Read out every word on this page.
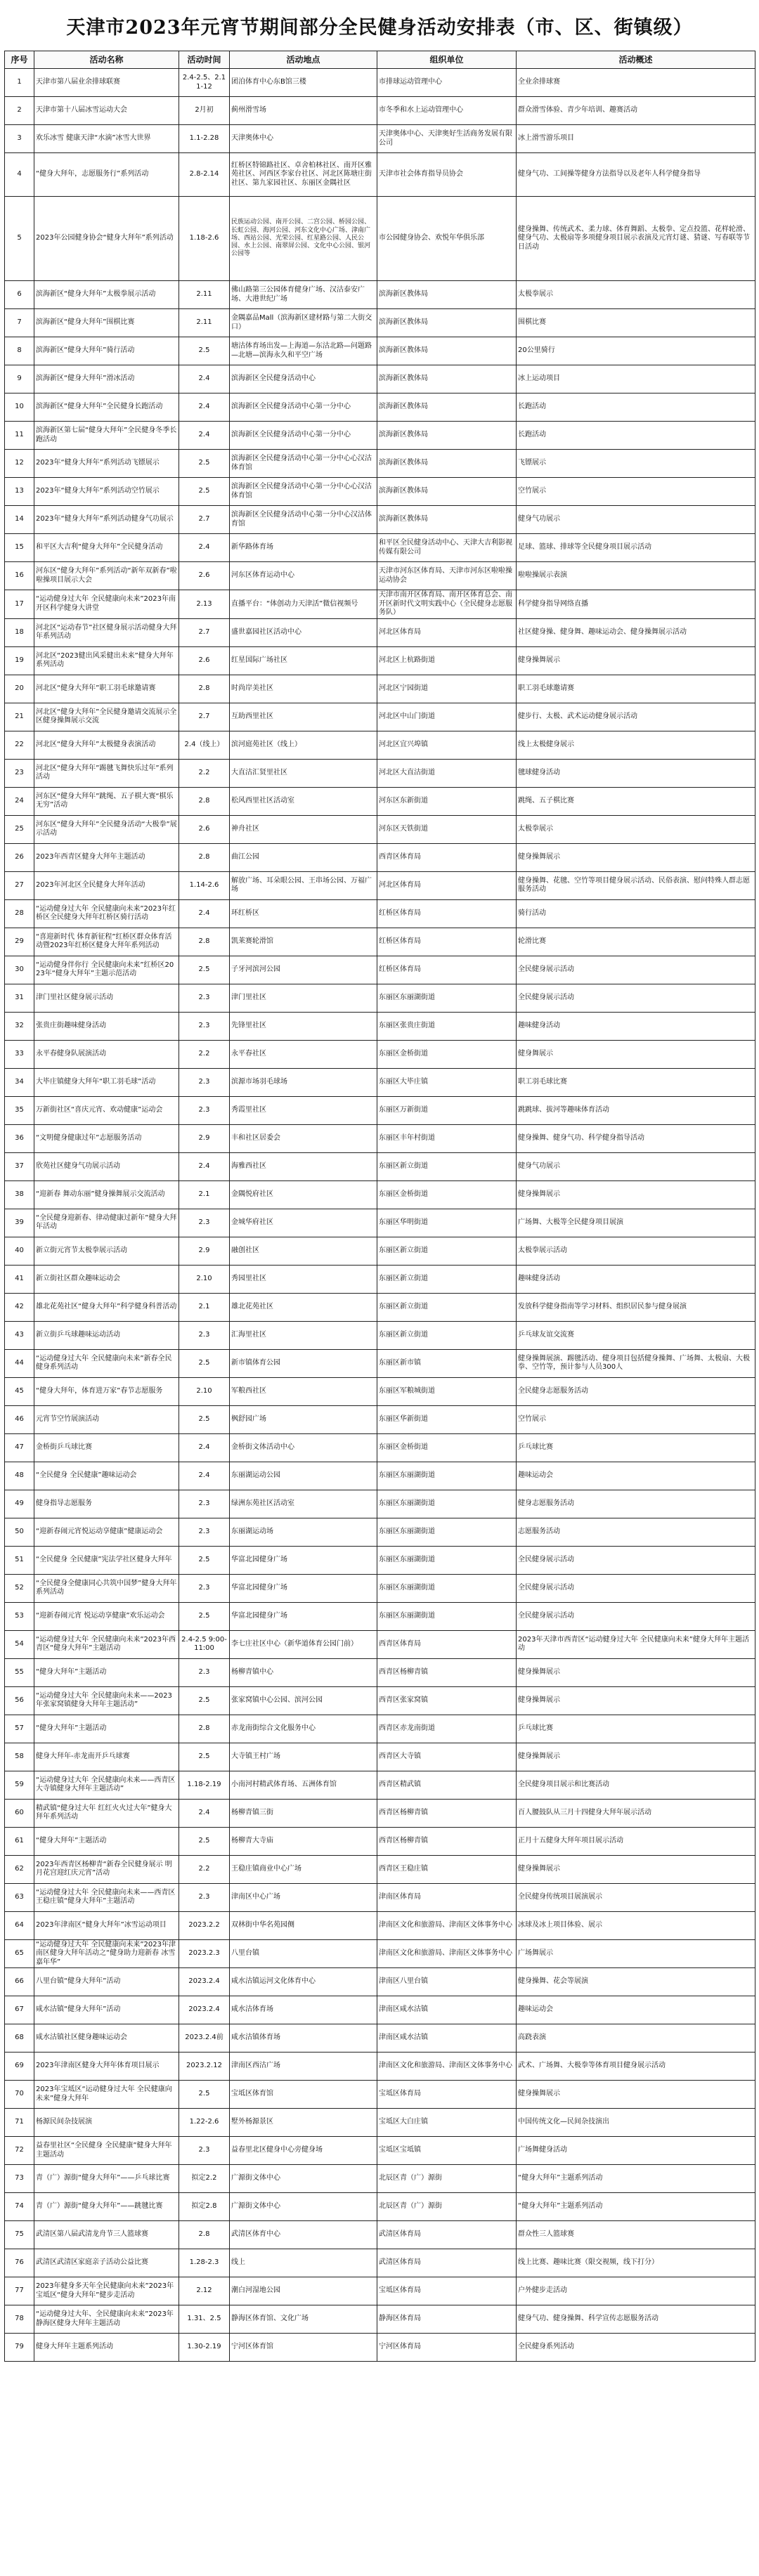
天津市2023年元宵节期间部分全民健身活动安排表（市、区、街镇级）
序号	活动名称	活动时间	活动地点	组织单位	活动概述
1	天津市第八届业余排球联赛	2.4-2.5、2.11-12	团泊体育中心东B馆三楼	市排球运动管理中心	全业余排球赛
2	天津市第十八届冰雪运动大会	2月初	蓟州滑雪场	市冬季和水上运动管理中心	群众滑雪体验、青少年培训、趣赛活动
3	欢乐冰雪 健康天津“水滴”冰雪大世界	1.1-2.28	天津奥体中心	天津奥体中心、天津奥好生活商务发展有限公司	冰上滑雪游乐项目
4	“健身大拜年，志愿服务行”系列活动	2.8-2.14	红桥区特锦路社区、卓舍柏林社区、南开区雅苑社区、河西区李家台社区、河北区陈塘庄街社区、第九家园社区、东丽区金隅社区	天津市社会体育指导员协会	健身气功、工间操等健身方法指导以及老年人科学健身指导
5	2023年公园健身协会“健身大拜年”系列活动	1.18-2.6	民族运动公园、南开公园、二宫公园、桥园公园、长虹公园、海河公园、河东文化中心广场、津南广场、西站公园、光荣公园、红星路公园、人民公园、水上公园、南翠屏公园、文化中心公园、银河公园等	市公园健身协会、欢悦年华俱乐部	健身操舞、传统武术、柔力球、体育舞蹈、太极拳、定点投篮、花样轮滑、健身气功、太极扇等多项健身项目展示表演及元宵灯谜、猜谜、写春联等节日活动
6	滨海新区“健身大拜年”太极拳展示活动	2.11	佛山路第三公园体育健身广场、汉沽泰安广场、大港世纪广场	滨海新区教体局	太极拳展示
7	滨海新区“健身大拜年”围棋比赛	2.11	金隅嘉品Mall（滨海新区建材路与第二大街交口）	滨海新区教体局	围棋比赛
8	滨海新区“健身大拜年”骑行活动	2.5	塘沽体育场出发—上海道—东沽北路—问题路—北塘—滨海永久和平空广场	滨海新区教体局	20公里骑行
9	滨海新区“健身大拜年”滑冰活动	2.4	滨海新区全民健身活动中心	滨海新区教体局	冰上运动项目
10	滨海新区“健身大拜年”全民健身长跑活动	2.4	滨海新区全民健身活动中心第一分中心	滨海新区教体局	长跑活动
11	滨海新区第七届“健身大拜年”全民健身冬季长跑活动	2.4	滨海新区全民健身活动中心第一分中心	滨海新区教体局	长跑活动
12	2023年“健身大拜年”系列活动飞镖展示	2.5	滨海新区全民健身活动中心第一分中心心汉沽体育馆	滨海新区教体局	飞镖展示
13	2023年“健身大拜年”系列活动空竹展示	2.5	滨海新区全民健身活动中心第一分中心心汉沽体育馆	滨海新区教体局	空竹展示
14	2023年“健身大拜年”系列活动健身气功展示	2.7	滨海新区全民健身活动中心第一分中心汉沽体育馆	滨海新区教体局	健身气功展示
15	和平区大吉利“健身大拜年”全民健身活动	2.4	新华路体育场	和平区全民健身活动中心、天津大吉利影视传媒有限公司	足球、篮球、排球等全民健身项目展示活动
16	河东区“健身大拜年”系列活动“新年双新春”啦啦操项目展示大会	2.6	河东区体育运动中心	天津市河东区体育局、天津市河东区啦啦操运动协会	啦啦操展示表演
17	“运动健身过大年 全民健康向未来”2023年南开区科学健身大讲堂	2.13	直播平台：“体创动力天津活”微信视频号	天津市南开区体育局、南开区体育总会、南开区新时代文明实践中心（全民健身志愿服务队）	科学健身指导网络直播
18	河北区“运动春节”社区健身展示活动健身大拜年系列活动	2.7	盛世嘉园社区活动中心	河北区体育局	社区健身操、健身舞、趣味运动会、健身操舞展示活动
19	河北区“2023健出风采健出未来”健身大拜年系列活动	2.6	红星国际广场社区	河北区上杭路街道	健身操舞展示
20	河北区“健身大拜年”职工羽毛球邀请赛	2.8	时尚岸美社区	河北区宁园街道	职工羽毛球邀请赛
21	河北区“健身大拜年”全民健身邀请交流展示全区健身操舞展示交流	2.7	互助西里社区	河北区中山门街道	健步行、太极、武术运动健身展示活动
22	河北区“健身大拜年”太极健身表演活动	2.4（线上）	滨河庭苑社区（线上）	河北区宜兴埠镇	线上太极健身展示
23	河北区“健身大拜年”踢毽飞舞快乐过年”系列活动	2.2	大直沽汇贤里社区	河北区大直沽街道	毽球健身活动
24	河东区“健身大拜年”跳绳、五子棋大赛“棋乐无穷”活动	2.8	松风西里社区活动室	河东区东新街道	跳绳、五子棋比赛
25	河东区“健身大拜年”全民健身活动“大极拳”展示活动	2.6	神舟社区	河东区天铁街道	太极拳展示
26	2023年西青区健身大拜年主题活动	2.8	曲江公园	西青区体育局	健身操舞展示
27	2023年河北区全民健身大拜年活动	1.14-2.6	解放广场、耳朵眼公园、王串场公园、万福广场	河北区体育局	健身操舞、花毽、空竹等项目健身展示活动、民俗表演、慰问特殊人群志愿服务活动
28	“运动健身过大年 全民健康向未来”2023年红桥区全民健身大拜年红桥区骑行活动	2.4	环红桥区	红桥区体育局	骑行活动
29	“喜迎新时代 体育新征程”红桥区群众体育活动暨2023年红桥区健身大拜年系列活动	2.8	凯莱赛轮滑馆	红桥区体育局	轮滑比赛
30	“运动健身伴你行 全民健康向未来”红桥区2023年“健身大拜年”主题示范活动	2.5	子牙河滨河公园	红桥区体育局	全民健身展示活动
31	津门里社区健身展示活动	2.3	津门里社区	东丽区东丽湖街道	全民健身展示活动
32	张贵庄街趣味健身活动	2.3	先锋里社区	东丽区张贵庄街道	趣味健身活动
33	永平春健身队展演活动	2.2	永平春社区	东丽区金桥街道	健身舞展示
34	大毕庄镇健身大拜年“职工羽毛球”活动	2.3	滨源市场羽毛球场	东丽区大毕庄镇	职工羽毛球比赛
35	万新街社区“喜庆元宵、欢动健康”运动会	2.3	秀霞里社区	东丽区万新街道	跳跳球、拔河等趣味体育活动
36	“文明健身健康过年”志愿服务活动	2.9	丰和社区居委会	东丽区丰年村街道	健身操舞、健身气功、科学健身指导活动
37	欣苑社区健身气功展示活动	2.4	海雅西社区	东丽区新立街道	健身气功展示
38	“迎新春 舞动东丽”健身操舞展示交流活动	2.1	金隅悦府社区	东丽区金桥街道	健身操舞展示
39	“全民健身迎新春、律动健康过新年”健身大拜年活动	2.3	金城华府社区	东丽区华明街道	广场舞、大极等全民健身项目展演
40	新立街元宵节太极拳展示活动	2.9	融创社区	东丽区新立街道	太极拳展示活动
41	新立街社区群众趣味运动会	2.10	秀园里社区	东丽区新立街道	趣味健身活动
42	雄北花苑社区“健身大拜年”科学健身科普活动	2.1	雄北花苑社区	东丽区新立街道	发放科学健身指南等学习材料、组织居民参与健身展演
43	新立街乒乓球趣味运动活动	2.3	汇海里社区	东丽区新立街道	乒乓球友谊交流赛
44	“运动健身过大年 全民健康向未来”新春全民健身系列活动	2.5	新市镇体育公园	东丽区新市镇	健身操舞展演、踢毽活动、健身项目包括健身操舞、广场舞、太极扇、大极拳、空竹等，预计参与人员300人
45	“健身大拜年，体育进万家”春节志愿服务	2.10	军粮西社区	东丽区军粮城街道	全民健身志愿服务活动
46	元宵节空竹展演活动	2.5	枫舒园广场	东丽区华新街道	空竹展示
47	金桥街乒乓球比赛	2.4	金桥街文体活动中心	东丽区金桥街道	乒乓球比赛
48	“全民健身 全民健康”趣味运动会	2.4	东丽湖运动公园	东丽区东丽湖街道	趣味运动会
49	健身指导志愿服务	2.3	绿洲东苑社区活动室	东丽区东丽湖街道	健身志愿服务活动
50	“迎新春闹元宵悦运动享健康”健康运动会	2.3	东丽湖运动场	东丽区东丽湖街道	志愿服务活动
51	“全民健身 全民健康”宪法学社区健身大拜年	2.5	华富北园健身广场	东丽区东丽湖街道	全民健身展示活动
52	“全民健身全健康同心共筑中国梦”健身大拜年系列活动	2.3	华富北园健身广场	东丽区东丽湖街道	全民健身展示活动
53	“迎新春闹元宵 悦运动享健康”欢乐运动会	2.5	华富北园健身广场	东丽区东丽湖街道	全民健身展示活动
54	“运动健身过大年 全民健康向未来”2023年西青区“健身大拜年”主题活动	2.4-2.5 9:00-11:00	李七庄社区中心（新华道体育公园门前）	西青区体育局	2023年天津市西青区“运动健身过大年 全民健康向未来”健身大拜年主题活动
55	“健身大拜年”主题活动	2.3	杨柳青镇中心	西青区杨柳青镇	健身操舞展示
56	“运动健身过大年 全民健康向未来——2023年张家窝镇健身大拜年主题活动”	2.5	张家窝镇中心公园、滨河公园	西青区张家窝镇	健身操舞展示
57	“健身大拜年”主题活动	2.8	赤龙南街综合文化服务中心	西青区赤龙南街道	乒乓球比赛
58	健身大拜年-赤龙南开乒乓球赛	2.5	大寺镇王村广场	西青区大寺镇	健身操舞展示
59	“运动健身过大年 全民健康向未来——西青区大寺镇健身大拜年主题活动”	1.18-2.19	小南河村精武体育场、五洲体育馆	西青区精武镇	全民健身项目展示和比赛活动
60	精武镇“健身过大年 红红火火过大年”健身大拜年系列活动	2.4	杨柳青镇三街	西青区杨柳青镇	百人腰鼓队从三月十四健身大拜年展示活动
61	“健身大拜年”主题活动	2.5	杨柳青大寺庙	西青区杨柳青镇	正月十五健身大拜年项目展示活动
62	2023年西青区杨柳青“新春全民健身展示 明月花宫迎红庆元宵”活动	2.2	王稳庄镇商业中心广场	西青区王稳庄镇	健身操舞展示
63	“运动健身过大年 全民健康向未来——西青区王稳庄镇“健身大拜年”主题活动	2.3	津南区中心广场	津南区体育局	全民健身传统项目展演展示
64	2023年津南区“健身大拜年”冰雪运动项目	2023.2.2	双林街中华名苑园侧	津南区文化和旅游局、津南区文体事务中心	冰球及冰上项目体验、展示
65	“运动健身过大年 全民健康向未来”2023年津南区健身大拜年活动之“健身助力迎新春 冰雪嘉年华”	2023.2.3	八里台镇	津南区文化和旅游局、津南区文体事务中心	广场舞展示
66	八里台镇“健身大拜年”活动	2023.2.4	咸水沽镇运河文化体育中心	津南区八里台镇	健身操舞、花会等展演
67	咸水沽镇“健身大拜年”活动	2023.2.4	咸水沽体育场	津南区咸水沽镇	趣味运动会
68	咸水沽镇社区健身趣味运动会	2023.2.4前	咸水沽镇体育场	津南区咸水沽镇	高跷表演
69	2023年津南区健身大拜年体育项目展示	2023.2.12	津南区西沽广场	津南区文化和旅游局、津南区文体事务中心	武术、广场舞、大极拳等体育项目健身展示活动
70	2023年宝坻区“运动健身过大年 全民健康向未来”健身大拜年	2.5	宝坻区体育馆	宝坻区体育局	健身操舞展示
71	杨源民间杂技展演	1.22-2.6	墅外杨源景区	宝坻区大白庄镇	中国传统文化—民间杂技演出
72	益春里社区“全民健身 全民健康”健身大拜年主题活动	2.3	益春里北区健身中心旁健身场	宝坻区宝坻镇	广场舞健身活动
73	青（广）源街“健身大拜年”——乒乓球比赛	拟定2.2	广源街文体中心	北辰区青（广）源街	“健身大拜年”主题系列活动
74	青（广）源街“健身大拜年”——跳毽比赛	拟定2.8	广源街文体中心	北辰区青（广）源街	“健身大拜年”主题系列活动
75	武清区第八届武清龙舟节三人篮球赛	2.8	武清区体育中心	武清区体育局	群众性三人篮球赛
76	武清区武清区家庭亲子活动公益比赛	1.28-2.3	线上	武清区体育局	线上比赛、趣味比赛（限交视频，线下打分）
77	2023年健身多天年全民健康向未来”2023年宝坻区“健身大拜年”健步走活动	2.12	潮白河湿地公园	宝坻区体育局	户外健步走活动
78	“运动健身过大年、全民健康向未来”2023年静海区健身大拜年主题活动	1.31、2.5	静海区体育馆、文化广场	静海区体育局	健身气功、健身操舞、科学宣传志愿服务活动
79	健身大拜年主题系列活动	1.30-2.19	宁河区体育馆	宁河区体育局	全民健身系列活动
